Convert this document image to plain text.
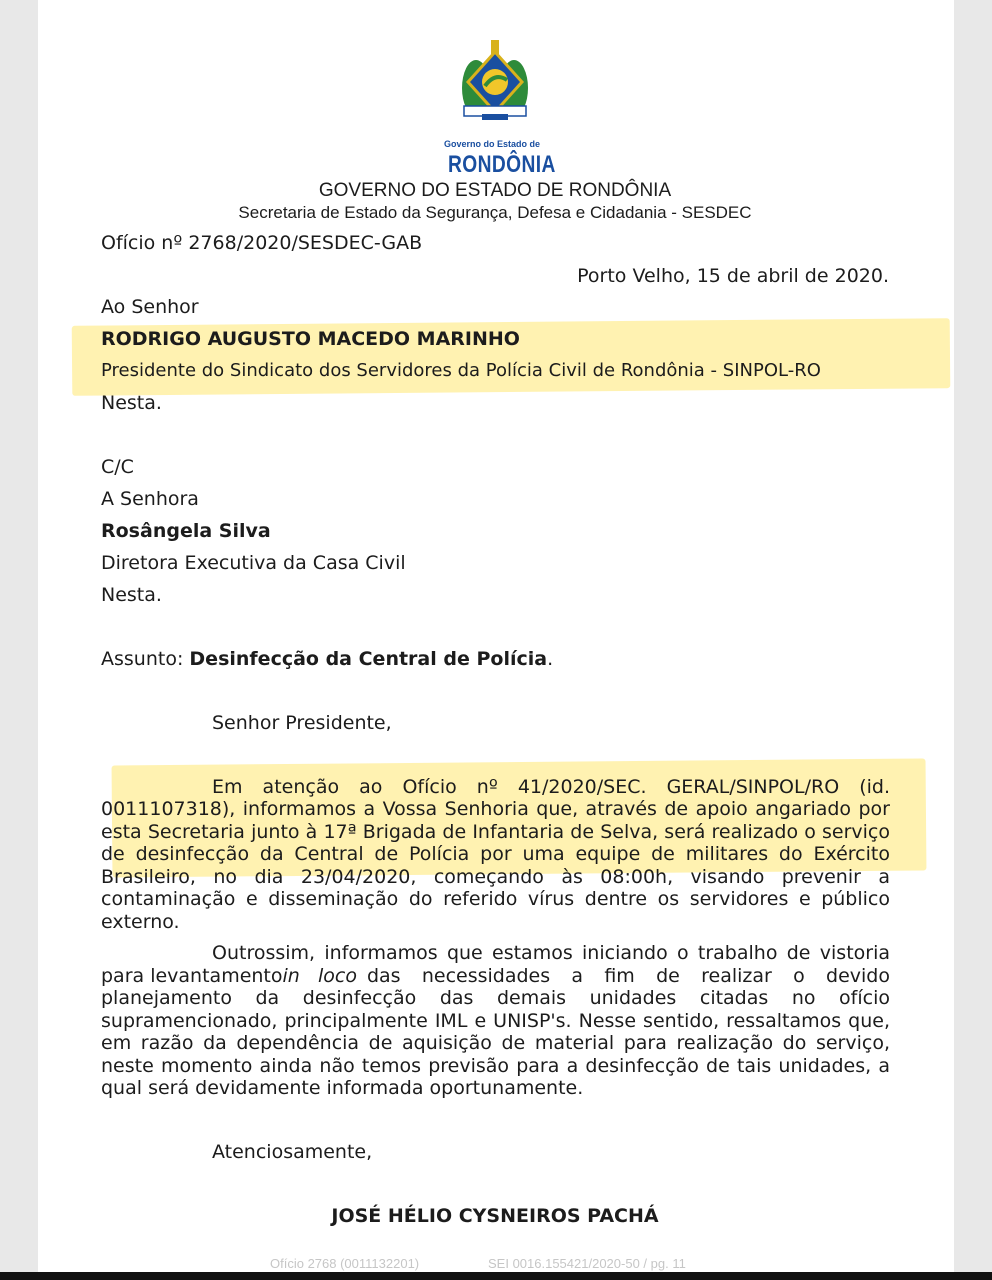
Governo do Estado de
RONDÔNIA
GOVERNO DO ESTADO DE RONDÔNIA
Secretaria de Estado da Segurança, Defesa e Cidadania - SESDEC
Ofício nº 2768/2020/SESDEC-GAB
Porto Velho, 15 de abril de 2020.
Ao Senhor
RODRIGO AUGUSTO MACEDO MARINHO
Presidente do Sindicato dos Servidores da Polícia Civil de Rondônia - SINPOL-RO
Nesta.
C/C
A Senhora
Rosângela Silva
Diretora Executiva da Casa Civil
Nesta.
Assunto: Desinfecção da Central de Polícia.
Senhor Presidente,
Em atenção ao Ofício nº 41/2020/SEC. GERAL/SINPOL/RO (id.
0011107318), informamos a Vossa Senhoria que, através de apoio angariado por
esta Secretaria junto à 17ª Brigada de Infantaria de Selva, será realizado o serviço
de desinfecção da Central de Polícia por uma equipe de militares do Exército
Brasileiro, no dia 23/04/2020, começando às 08:00h, visando prevenir a
contaminação e disseminação do referido vírus dentre os servidores e público
externo.
Outrossim, informamos que estamos iniciando o trabalho de vistoria
para levantamento in loco das necessidades a fim de realizar o devido
planejamento da desinfecção das demais unidades citadas no ofício
supramencionado, principalmente IML e UNISP's. Nesse sentido, ressaltamos que,
em razão da dependência de aquisição de material para realização do serviço,
neste momento ainda não temos previsão para a desinfecção de tais unidades, a
qual será devidamente informada oportunamente.
Atenciosamente,
JOSÉ HÉLIO CYSNEIROS PACHÁ
Ofício 2768 (0011132201)	SEI 0016.155421/2020-50 / pg. 11
